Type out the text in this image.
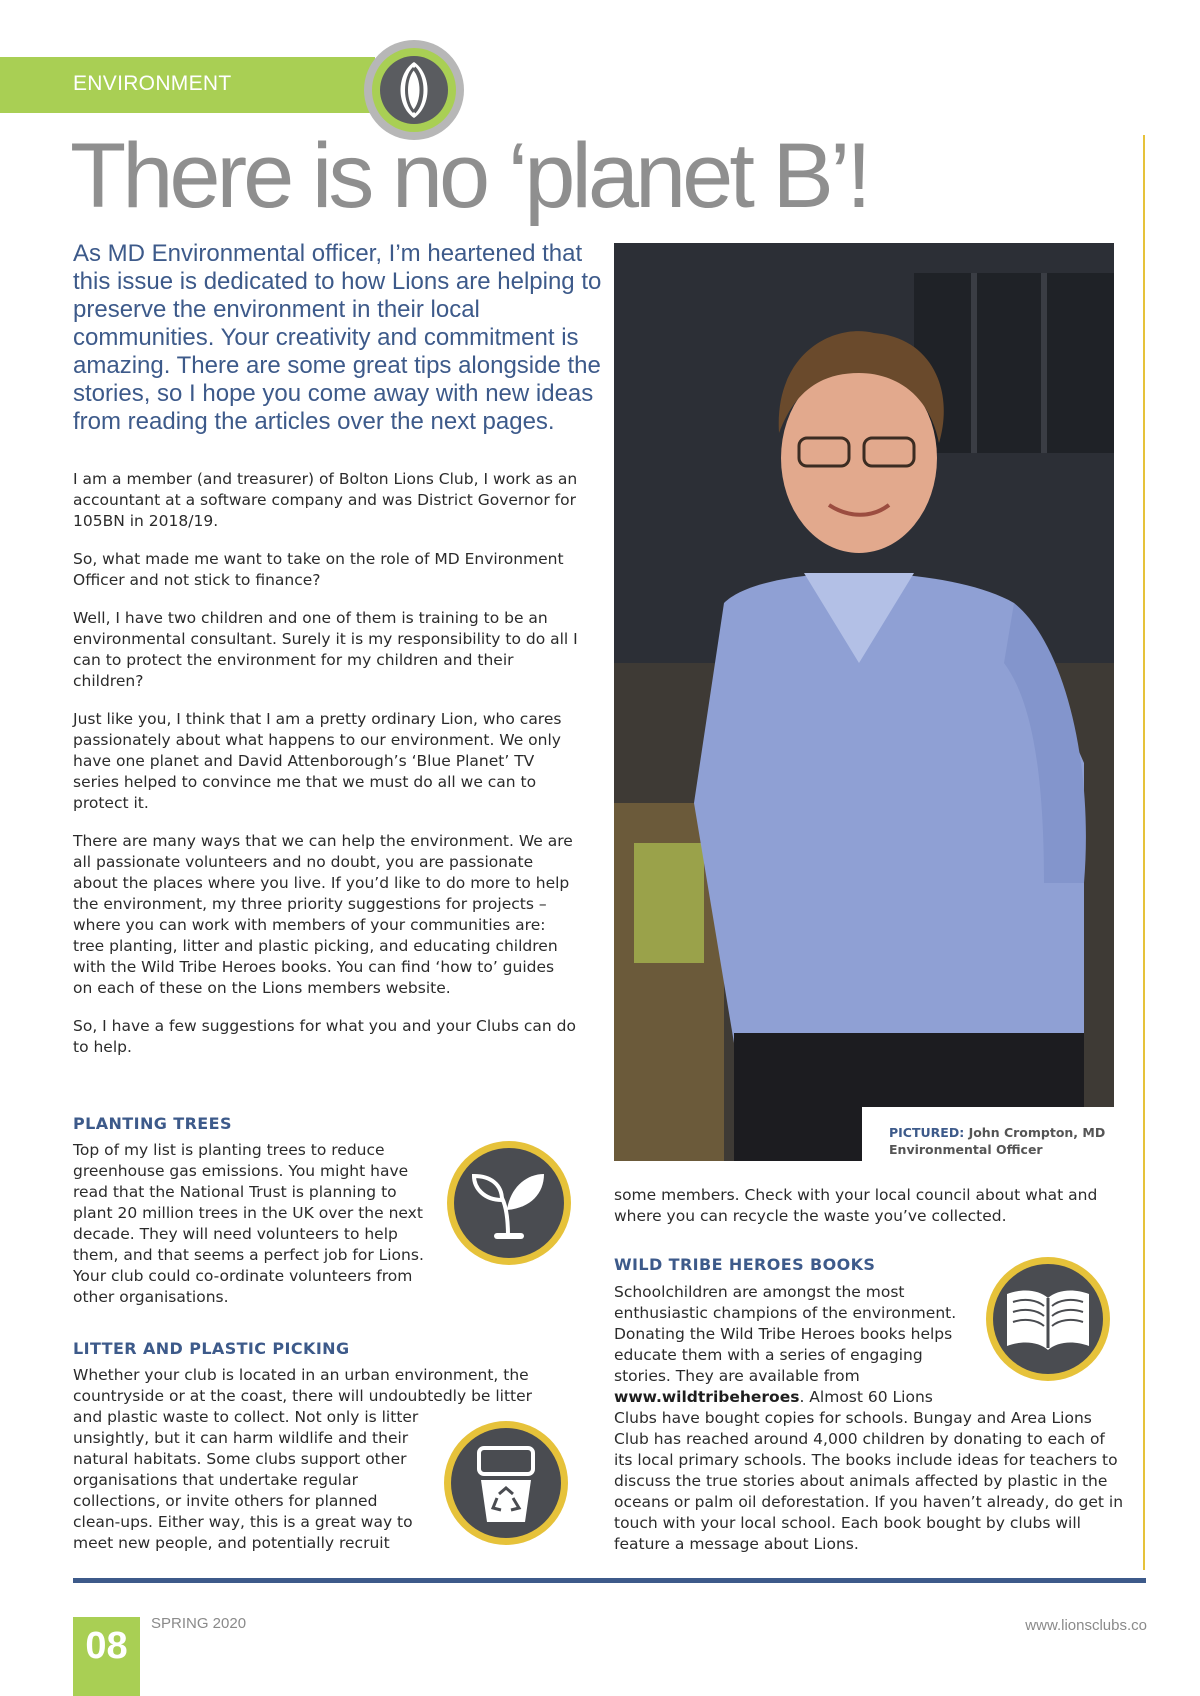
ENVIRONMENT
There is no ‘planet B’!

As MD Environmental officer, I’m heartened that this issue is dedicated to how Lions are helping to preserve the environment in their local communities. Your creativity and commitment is amazing. There are some great tips alongside the stories, so I hope you come away with new ideas from reading the articles over the next pages.

I am a member (and treasurer) of Bolton Lions Club, I work as an accountant at a software company and was District Governor for 105BN in 2018/19.

So, what made me want to take on the role of MD Environment Officer and not stick to finance?

Well, I have two children and one of them is training to be an environmental consultant. Surely it is my responsibility to do all I can to protect the environment for my children and their children?

Just like you, I think that I am a pretty ordinary Lion, who cares passionately about what happens to our environment. We only have one planet and David Attenborough’s ‘Blue Planet’ TV series helped to convince me that we must do all we can to protect it.

There are many ways that we can help the environment. We are all passionate volunteers and no doubt, you are passionate about the places where you live. If you’d like to do more to help the environment, my three priority suggestions for projects – where you can work with members of your communities are: tree planting, litter and plastic picking, and educating children with the Wild Tribe Heroes books. You can find ‘how to’ guides on each of these on the Lions members website.

So, I have a few suggestions for what you and your Clubs can do to help.

PICTURED: John Crompton, MD Environmental Officer

PLANTING TREES

Top of my list is planting trees to reduce greenhouse gas emissions. You might have read that the National Trust is planning to plant 20 million trees in the UK over the next decade. They will need volunteers to help them, and that seems a perfect job for Lions. Your club could co-ordinate volunteers from other organisations.

LITTER AND PLASTIC PICKING

Whether your club is located in an urban environment, the countryside or at the coast, there will undoubtedly be litter

and plastic waste to collect. Not only is litter unsightly, but it can harm wildlife and their natural habitats. Some clubs support other organisations that undertake regular collections, or invite others for planned clean-ups. Either way, this is a great way to meet new people, and potentially recruit

some members. Check with your local council about what and where you can recycle the waste you’ve collected.

WILD TRIBE HEROES BOOKS

Schoolchildren are amongst the most enthusiastic champions of the environment. Donating the Wild Tribe Heroes books helps educate them with a series of engaging stories. They are available from www.wildtribeheroes. Almost 60 Lions

Clubs have bought copies for schools. Bungay and Area Lions Club has reached around 4,000 children by donating to each of its local primary schools. The books include ideas for teachers to discuss the true stories about animals affected by plastic in the oceans or palm oil deforestation. If you haven’t already, do get in touch with your local school. Each book bought by clubs will feature a message about Lions.

08
SPRING 2020	www.lionsclubs.co
